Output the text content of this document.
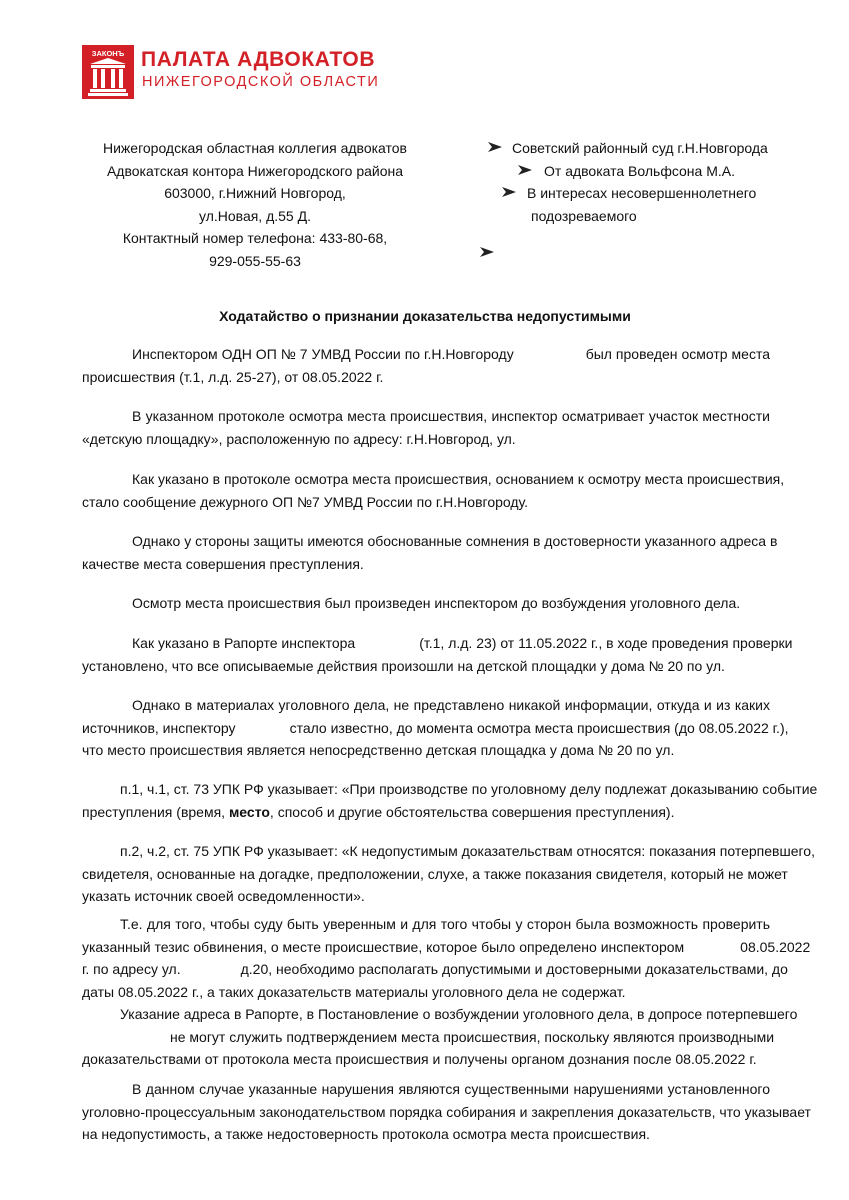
ЗАКОНЪ ПАЛАТА АДВОКАТОВ
НИЖЕГОРОДСКОЙ ОБЛАСТИ
Нижегородская областная коллегия адвокатов
Адвокатская контора Нижегородского района
603000, г.Нижний Новгород,
ул.Новая, д.55 Д.
Контактный номер телефона: 433-80-68,
929-055-55-63
Советский районный суд г.Н.Новгорода
От адвоката Вольфсона М.А.
В интересах несовершеннолетнего
подозреваемого
Ходатайство о признании доказательства недопустимыми
Инспектором ОДН ОП № 7 УМВД России по г.Н.Новгороду	был проведен осмотр места
происшествия (т.1, л.д. 25-27), от 08.05.2022 г.
В указанном протоколе осмотра места происшествия, инспектор осматривает участок местности
«детскую площадку», расположенную по адресу: г.Н.Новгород, ул.
Как указано в протоколе осмотра места происшествия, основанием к осмотру места происшествия,
стало сообщение дежурного ОП №7 УМВД России по г.Н.Новгороду.
Однако у стороны защиты имеются обоснованные сомнения в достоверности указанного адреса в
качестве места совершения преступления.
Осмотр места происшествия был произведен инспектором до возбуждения уголовного дела.
Как указано в Рапорте инспектора	(т.1, л.д. 23) от 11.05.2022 г., в ходе проведения проверки
установлено, что все описываемые действия произошли на детской площадки у дома № 20 по ул.
Однако в материалах уголовного дела, не представлено никакой информации, откуда и из каких
источников, инспектору	стало известно, до момента осмотра места происшествия (до 08.05.2022 г.),
что место происшествия является непосредственно детская площадка у дома № 20 по ул.
п.1, ч.1, ст. 73 УПК РФ указывает: «При производстве по уголовному делу подлежат доказыванию событие
преступления (время, место, способ и другие обстоятельства совершения преступления).
п.2, ч.2, ст. 75 УПК РФ указывает: «К недопустимым доказательствам относятся: показания потерпевшего,
свидетеля, основанные на догадке, предположении, слухе, а также показания свидетеля, который не может
указать источник своей осведомленности».
Т.е. для того, чтобы суду быть уверенным и для того чтобы у сторон была возможность проверить
указанный тезис обвинения, о месте происшествие, которое было определено инспектором	08.05.2022
г. по адресу ул.	д.20, необходимо располагать допустимыми и достоверными доказательствами, до
даты 08.05.2022 г., а таких доказательств материалы уголовного дела не содержат.
Указание адреса в Рапорте, в Постановление о возбуждении уголовного дела, в допросе потерпевшего
не могут служить подтверждением места происшествия, поскольку являются производными
доказательствами от протокола места происшествия и получены органом дознания после 08.05.2022 г.
В данном случае указанные нарушения являются существенными нарушениями установленного
уголовно-процессуальным законодательством порядка собирания и закрепления доказательств, что указывает
на недопустимость, а также недостоверность протокола осмотра места происшествия.
